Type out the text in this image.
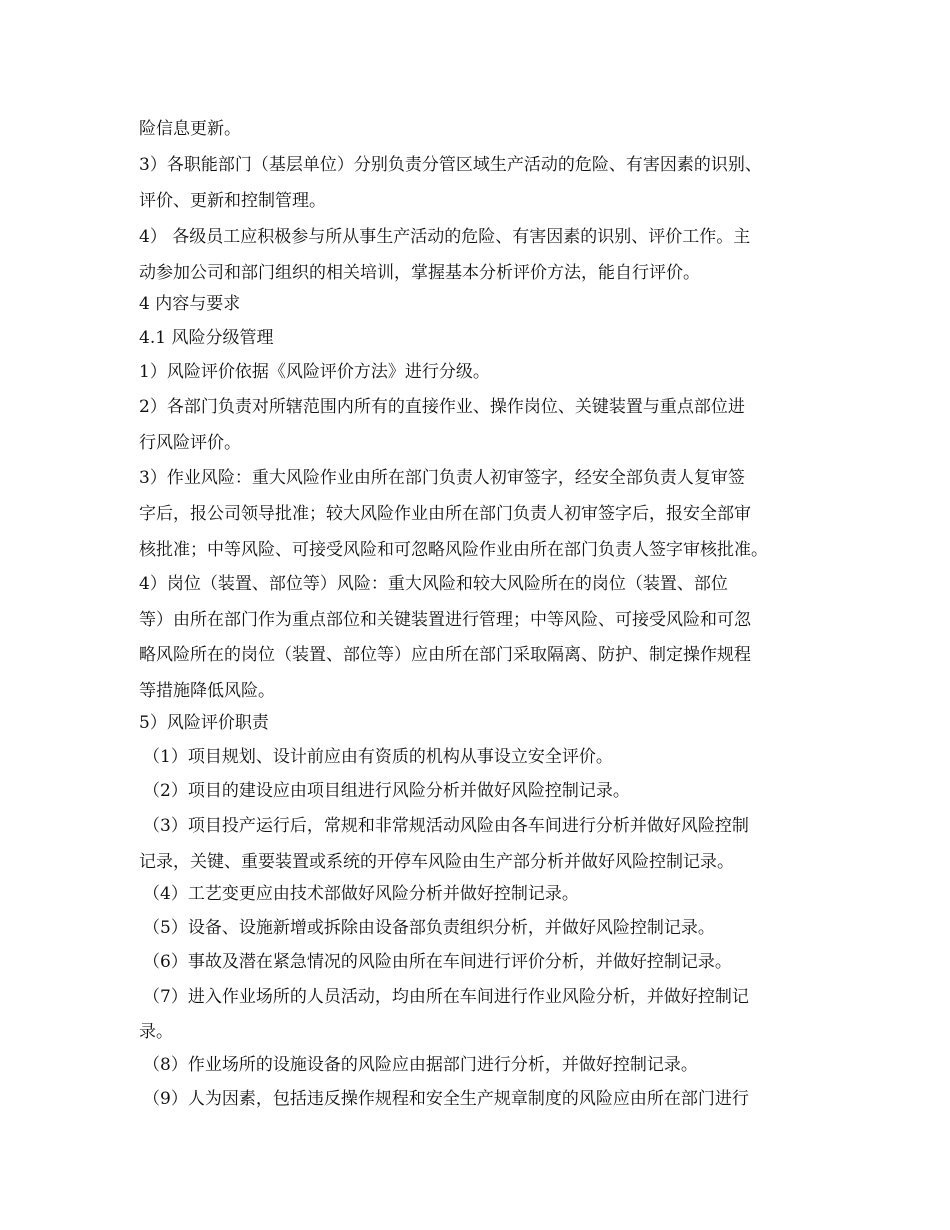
险信息更新。
3）各职能部门（基层单位）分别负责分管区域生产活动的危险、有害因素的识别、
评价、更新和控制管理。
4） 各级员工应积极参与所从事生产活动的危险、有害因素的识别、评价工作。主
动参加公司和部门组织的相关培训，掌握基本分析评价方法，能自行评价。
4 内容与要求
4.1 风险分级管理
1）风险评价依据《风险评价方法》进行分级。
2）各部门负责对所辖范围内所有的直接作业、操作岗位、关键装置与重点部位进
行风险评价。
3）作业风险：重大风险作业由所在部门负责人初审签字，经安全部负责人复审签
字后，报公司领导批准；较大风险作业由所在部门负责人初审签字后，报安全部审
核批准；中等风险、可接受风险和可忽略风险作业由所在部门负责人签字审核批准。
4）岗位（装置、部位等）风险：重大风险和较大风险所在的岗位（装置、部位
等）由所在部门作为重点部位和关键装置进行管理；中等风险、可接受风险和可忽
略风险所在的岗位（装置、部位等）应由所在部门采取隔离、防护、制定操作规程
等措施降低风险。
5）风险评价职责
（1）项目规划、设计前应由有资质的机构从事设立安全评价。
（2）项目的建设应由项目组进行风险分析并做好风险控制记录。
（3）项目投产运行后，常规和非常规活动风险由各车间进行分析并做好风险控制
记录，关键、重要装置或系统的开停车风险由生产部分析并做好风险控制记录。
（4）工艺变更应由技术部做好风险分析并做好控制记录。
（5）设备、设施新增或拆除由设备部负责组织分析，并做好风险控制记录。
（6）事故及潜在紧急情况的风险由所在车间进行评价分析，并做好控制记录。
（7）进入作业场所的人员活动，均由所在车间进行作业风险分析，并做好控制记
录。
（8）作业场所的设施设备的风险应由据部门进行分析，并做好控制记录。
（9）人为因素，包括违反操作规程和安全生产规章制度的风险应由所在部门进行
